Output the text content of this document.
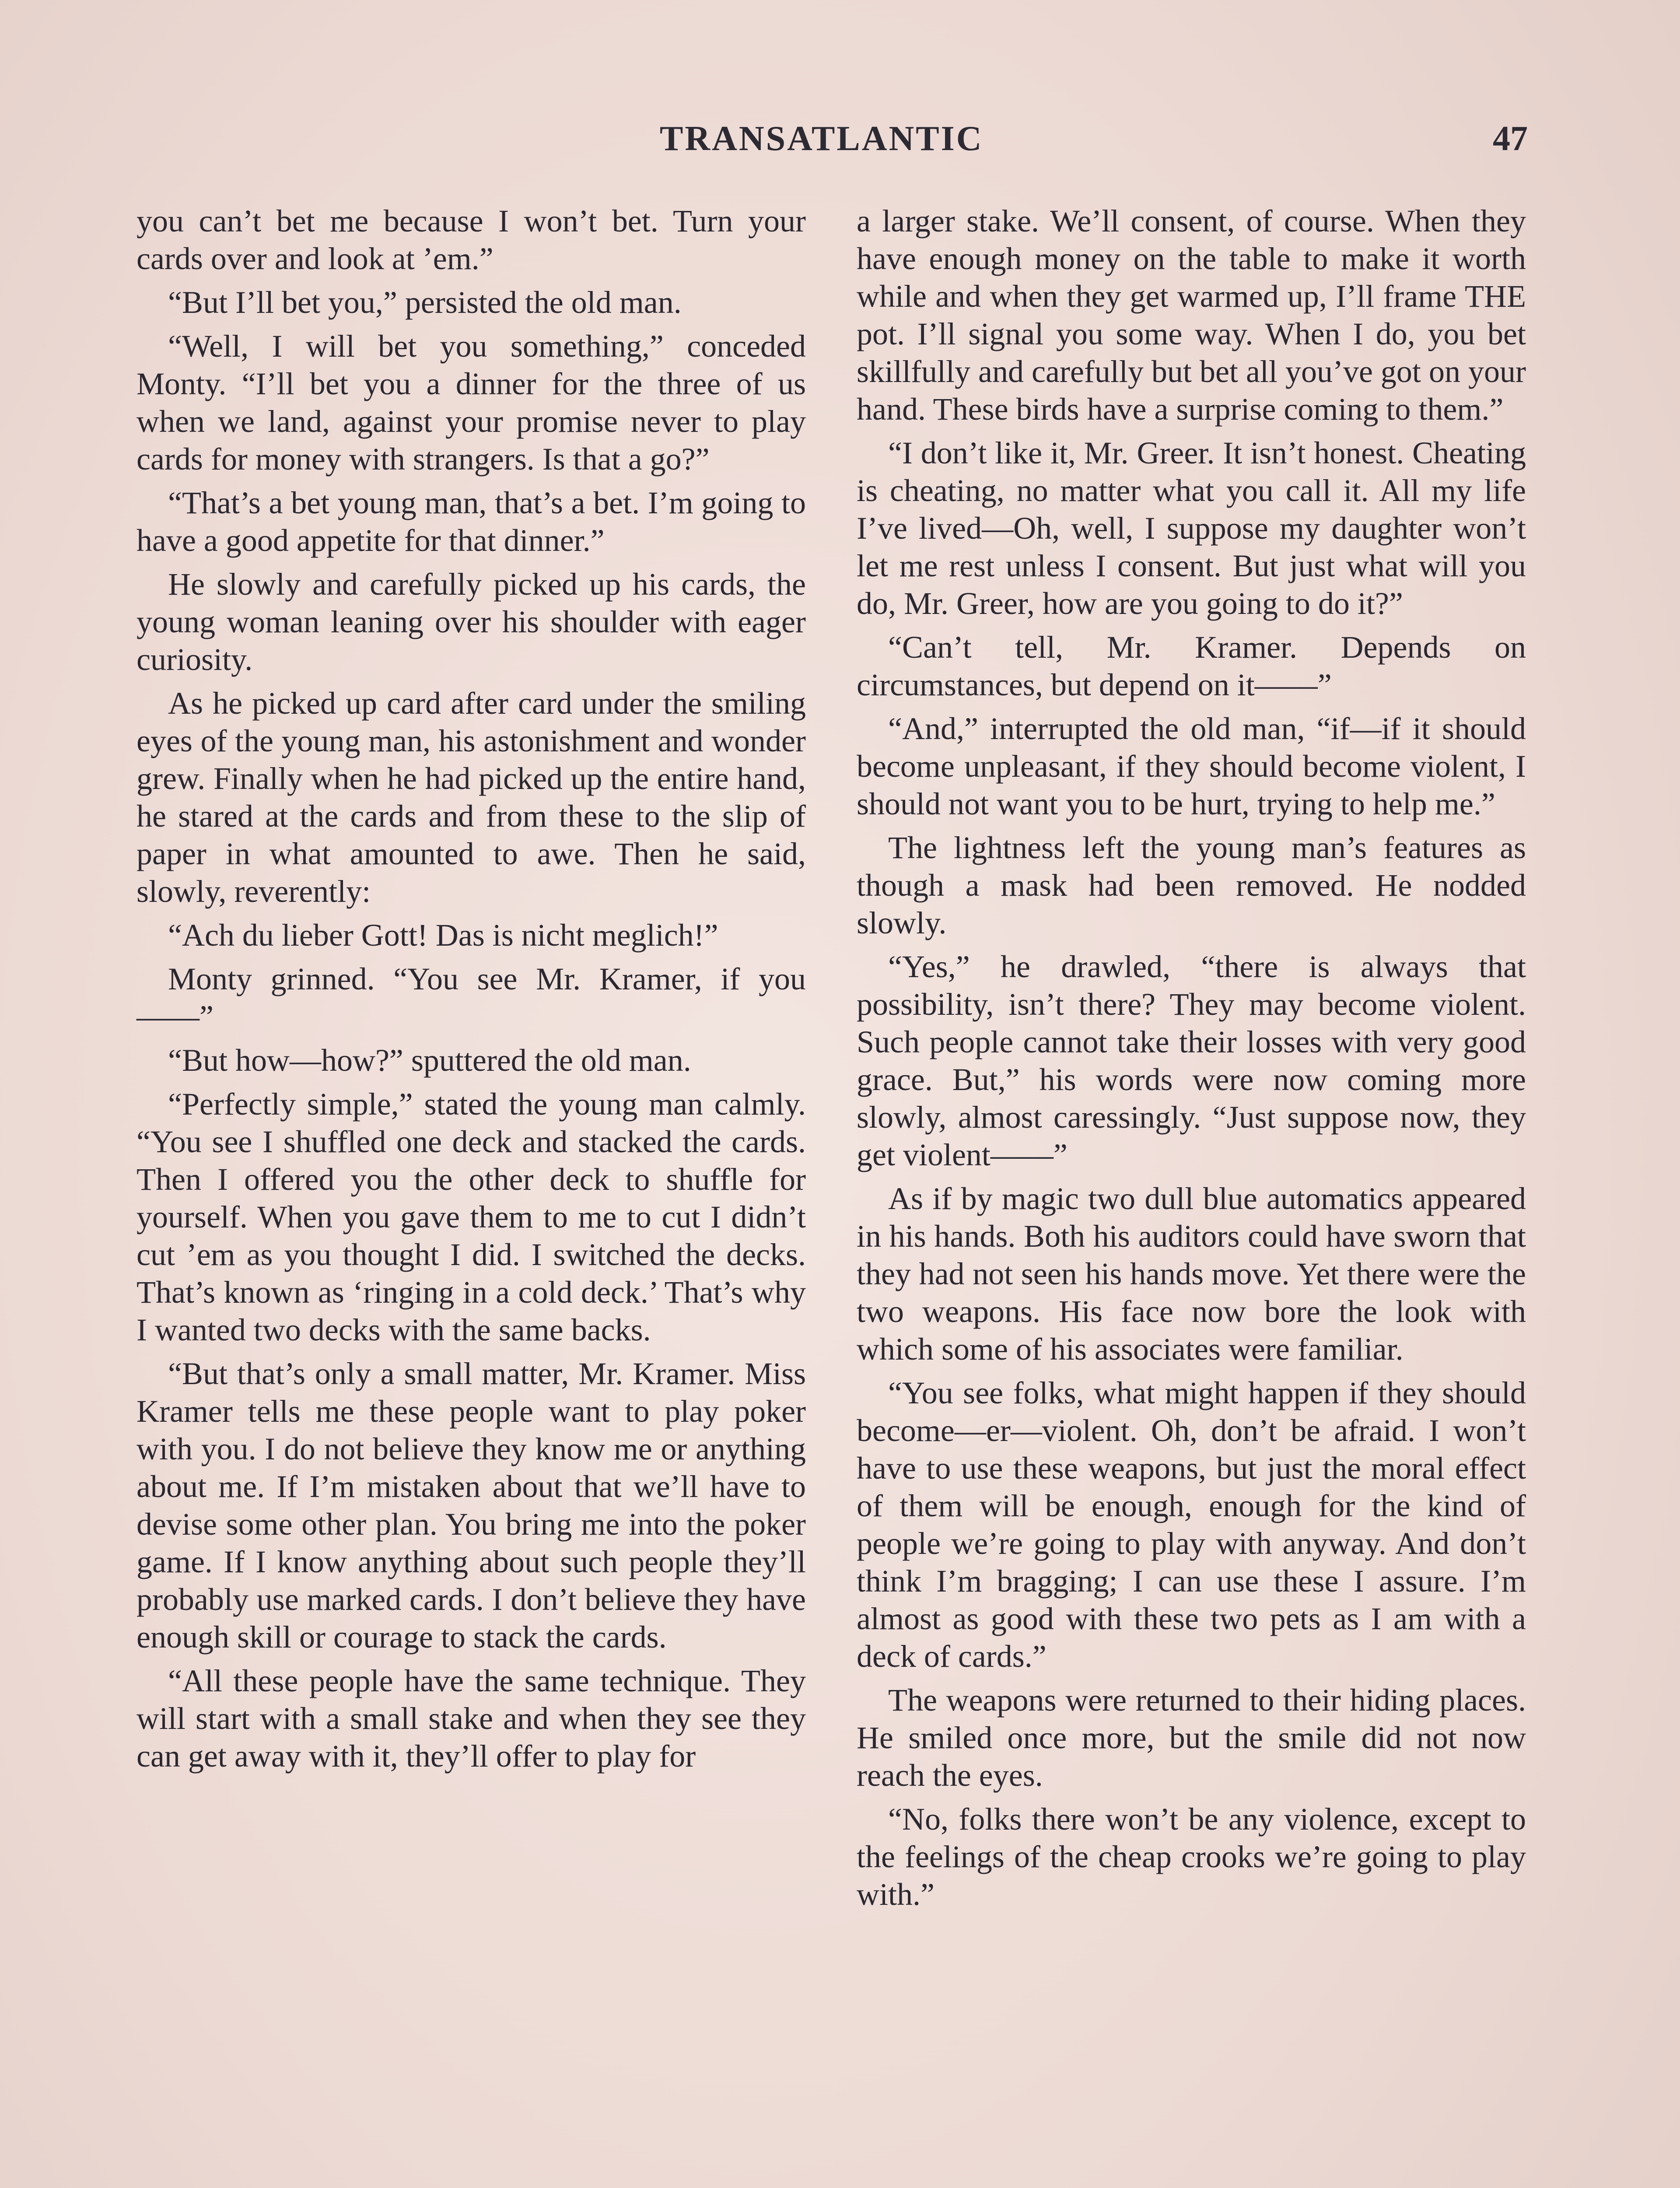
TRANSATLANTIC	47

you can’t bet me because I won’t bet. Turn your cards over and look at ’em.”

“But I’ll bet you,” persisted the old man.

“Well, I will bet you something,” conceded Monty. “I’ll bet you a dinner for the three of us when we land, against your promise never to play cards for money with strangers. Is that a go?”

“That’s a bet young man, that’s a bet. I’m going to have a good appetite for that dinner.”

He slowly and carefully picked up his cards, the young woman leaning over his shoulder with eager curiosity.

As he picked up card after card under the smiling eyes of the young man, his astonishment and wonder grew. Finally when he had picked up the entire hand, he stared at the cards and from these to the slip of paper in what amounted to awe. Then he said, slowly, reverently:

“Ach du lieber Gott! Das is nicht meglich!”

Monty grinned. “You see Mr. Kramer, if you——”

“But how—how?” sputtered the old man.

“Perfectly simple,” stated the young man calmly. “You see I shuffled one deck and stacked the cards. Then I offered you the other deck to shuffle for yourself. When you gave them to me to cut I didn’t cut ’em as you thought I did. I switched the decks. That’s known as ‘ringing in a cold deck.’ That’s why I wanted two decks with the same backs.

“But that’s only a small matter, Mr. Kramer. Miss Kramer tells me these people want to play poker with you. I do not believe they know me or anything about me. If I’m mistaken about that we’ll have to devise some other plan. You bring me into the poker game. If I know anything about such people they’ll probably use marked cards. I don’t believe they have enough skill or courage to stack the cards.

“All these people have the same technique. They will start with a small stake and when they see they can get away with it, they’ll offer to play for

a larger stake. We’ll consent, of course. When they have enough money on the table to make it worth while and when they get warmed up, I’ll frame THE pot. I’ll signal you some way. When I do, you bet skillfully and carefully but bet all you’ve got on your hand. These birds have a surprise coming to them.”

“I don’t like it, Mr. Greer. It isn’t honest. Cheating is cheating, no matter what you call it. All my life I’ve lived—Oh, well, I suppose my daughter won’t let me rest unless I consent. But just what will you do, Mr. Greer, how are you going to do it?”

“Can’t tell, Mr. Kramer. Depends on circumstances, but depend on it——”

“And,” interrupted the old man, “if—if it should become unpleasant, if they should become violent, I should not want you to be hurt, trying to help me.”

The lightness left the young man’s features as though a mask had been removed. He nodded slowly.

“Yes,” he drawled, “there is always that possibility, isn’t there? They may become violent. Such people cannot take their losses with very good grace. But,” his words were now coming more slowly, almost caressingly. “Just suppose now, they get violent——”

As if by magic two dull blue automatics appeared in his hands. Both his auditors could have sworn that they had not seen his hands move. Yet there were the two weapons. His face now bore the look with which some of his associates were familiar.

“You see folks, what might happen if they should become—er—violent. Oh, don’t be afraid. I won’t have to use these weapons, but just the moral effect of them will be enough, enough for the kind of people we’re going to play with anyway. And don’t think I’m bragging; I can use these I assure. I’m almost as good with these two pets as I am with a deck of cards.”

The weapons were returned to their hiding places. He smiled once more, but the smile did not now reach the eyes.

“No, folks there won’t be any violence, except to the feelings of the cheap crooks we’re going to play with.”
